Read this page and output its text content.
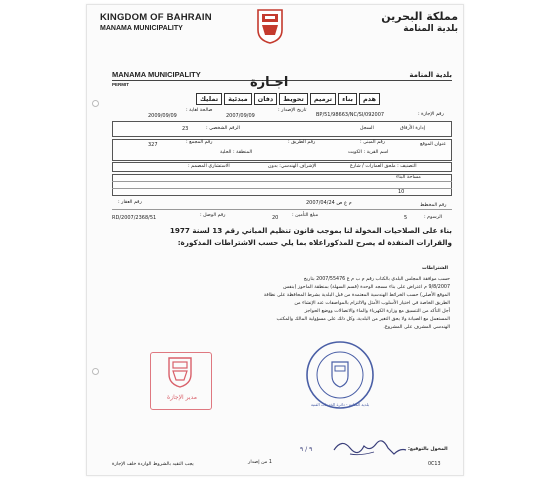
KINGDOM OF BAHRAIN
MANAMA MUNICIPALITY
مملكة البحرين
بلدية المنامة
MANAMA MUNICIPALITY	بلدية المنامة
PERMIT	اجـازة
هدم
بناء
ترميم
تحويط
دفان
مبدئية
تمليك
رقم الإجازة :
BP/51/98663/NC/SI/092007
تاريخ الإصدار :
2007/09/09
صالحة لغاية :
2009/09/09
إدارة الأرفاق
السجل
الرقم الشخصي :
23
عنوان الموقع
رقم المبنى :
رقم الطريق :
رقم المجمع :
327
اسم القرية : الكويت
المنطقة : الحلية
التصنيف : ملحق العمارات / شارع
الإشراف الهندسي: بدون
الاستشاري المصمم :
مساحة البناء
10
رقم العقار :	2007/04/24 م ع ص	رقم المخطط
الرسوم :
5
مبلغ التأمين :
20
رقم الوصل :
RD/2007/2368/51
بناء على الصلاحيات المخولة لنا بموجب قانون تنظيم المباني رقم 13 لسنة 1977
والقرارات المنفذة له يصرح للمذكوراعلاه بما يلي حسب الاشتراطات المذكورة:
الشتراطات
حسب موافقة المجلس البلدي بالكتاب رقم م ب م ع 2007/55476 بتاريخ
9/8/2007 م اعتراض على بناء مسجد الوحدة (قسم السهلة) بمنطقة الماحوز (بنفس
الموقع الأصلي) حسب الخرائط الهندسية المعتمدة من قبل البلدية بشرط المحافظة على نظافة
الطريق الخاصة في اختيار الأسلوب الأمثل والالتزام بالمواصفات عند الإنشاء من
أجل التأكد من التنسيق مع وزارة الكهرباء والماء والاتصالات ووضع الحواجز
المستعمل مع الصيانة ولا يحق التغير من البلدية، وكل ذلك على مسؤولية المالك والمكتب
الهندسي المشرف على المشروع.
مدير الإجازة
بلدية المنامة - دائرة الخدمات الفنية
٩ / ٩	المخول بالتوقيع:
1 من إصدار
يجب التقيد بالشروط الواردة خلف الإجازة	0C13
